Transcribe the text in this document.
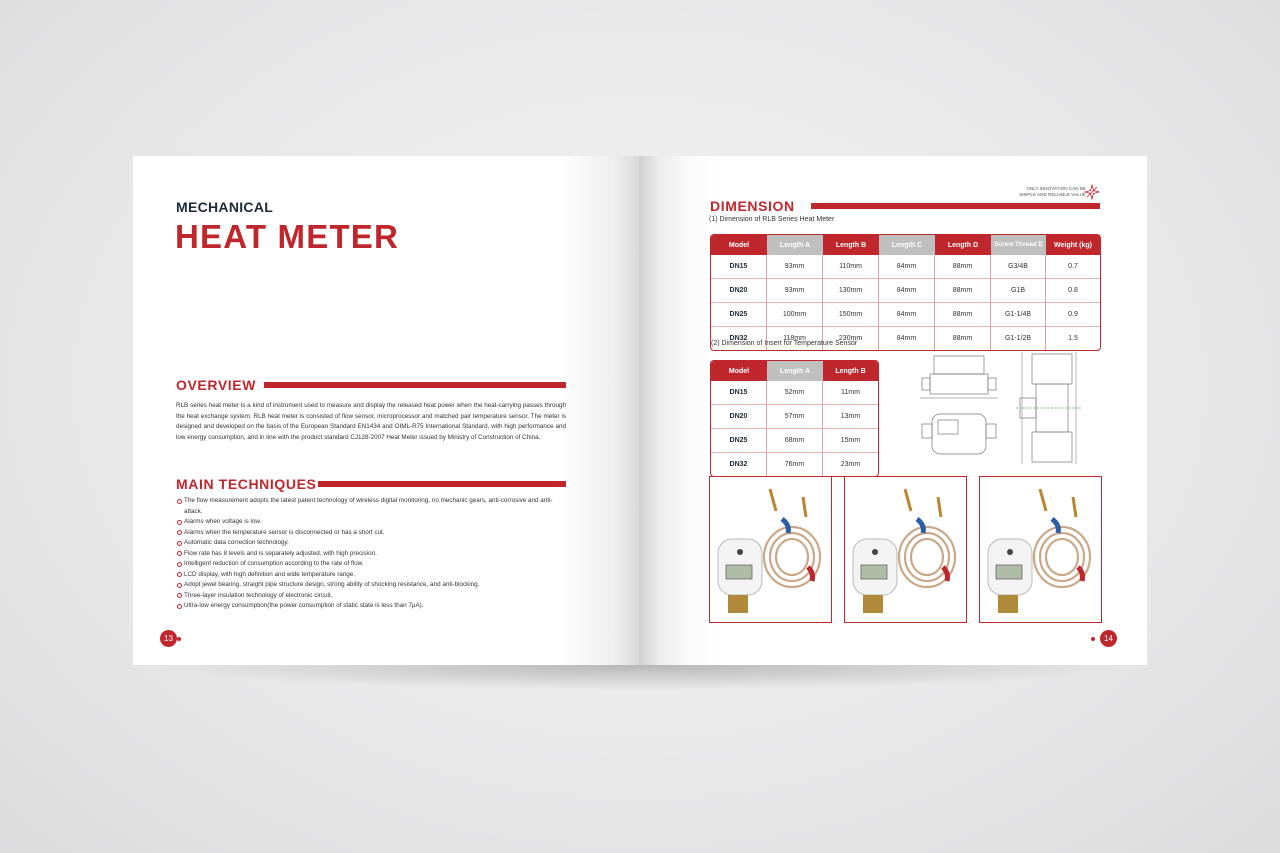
MECHANICAL
HEAT METER
OVERVIEW
RLB series heat meter is a kind of instrument used to measure and display the released heat power when the heat-carrying passes through the heat exchange system. RLB heat meter is consisted of flow sensor, microprocessor and matched pair temperature sensor. The meter is designed and developed on the basis of the European Standard EN1434 and OIML-R75 International Standard, with high performance and low energy consumption, and in line with the product standard CJ128-2007 Heat Meter issued by Ministry of Construction of China.
MAIN TECHNIQUES
The flow measurement adopts the latest patent technology of wireless digital monitoring, no mechanic gears, anti-corrosive and anti-attack.
Alarms when voltage is low.
Alarms when the temperature sensor is disconnected or has a short cut.
Automatic data correction technology.
Flow rate has 8 levels and is separately adjusted, with high precision.
Intelligent reduction of consumption according to the rate of flow.
LCD display, with high definition and wide temperature range.
Adopt jewel bearing, straight pipe structure design, strong ability of shocking resistance, and anti-blocking.
Three-layer insulation technology of electronic circuit.
Ultra-low energy consumption(the power consumption of static state is less than 7μA).
13
DIMENSION
ONLY INNOVATION CAN BE
SIMPLE AND RELIABLE VALUE
(1) Dimension of RLB Series Heat Meter
Model	Length A	Length B	Length C	Length D	Screw Thread E	Weight (kg)
DN15	93mm	110mm	84mm	88mm	G3/4B	0.7
DN20	93mm	130mm	84mm	88mm	G1B	0.8
DN25	100mm	150mm	84mm	88mm	G1-1/4B	0.9
DN32	118mm	230mm	84mm	88mm	G1-1/2B	1.5
(2) Dimension of Insert for Temperature Sensor
Model	Length A	Length B
DN15	52mm	11mm
DN20	57mm	13mm
DN25	68mm	15mm
DN32	76mm	23mm
14
